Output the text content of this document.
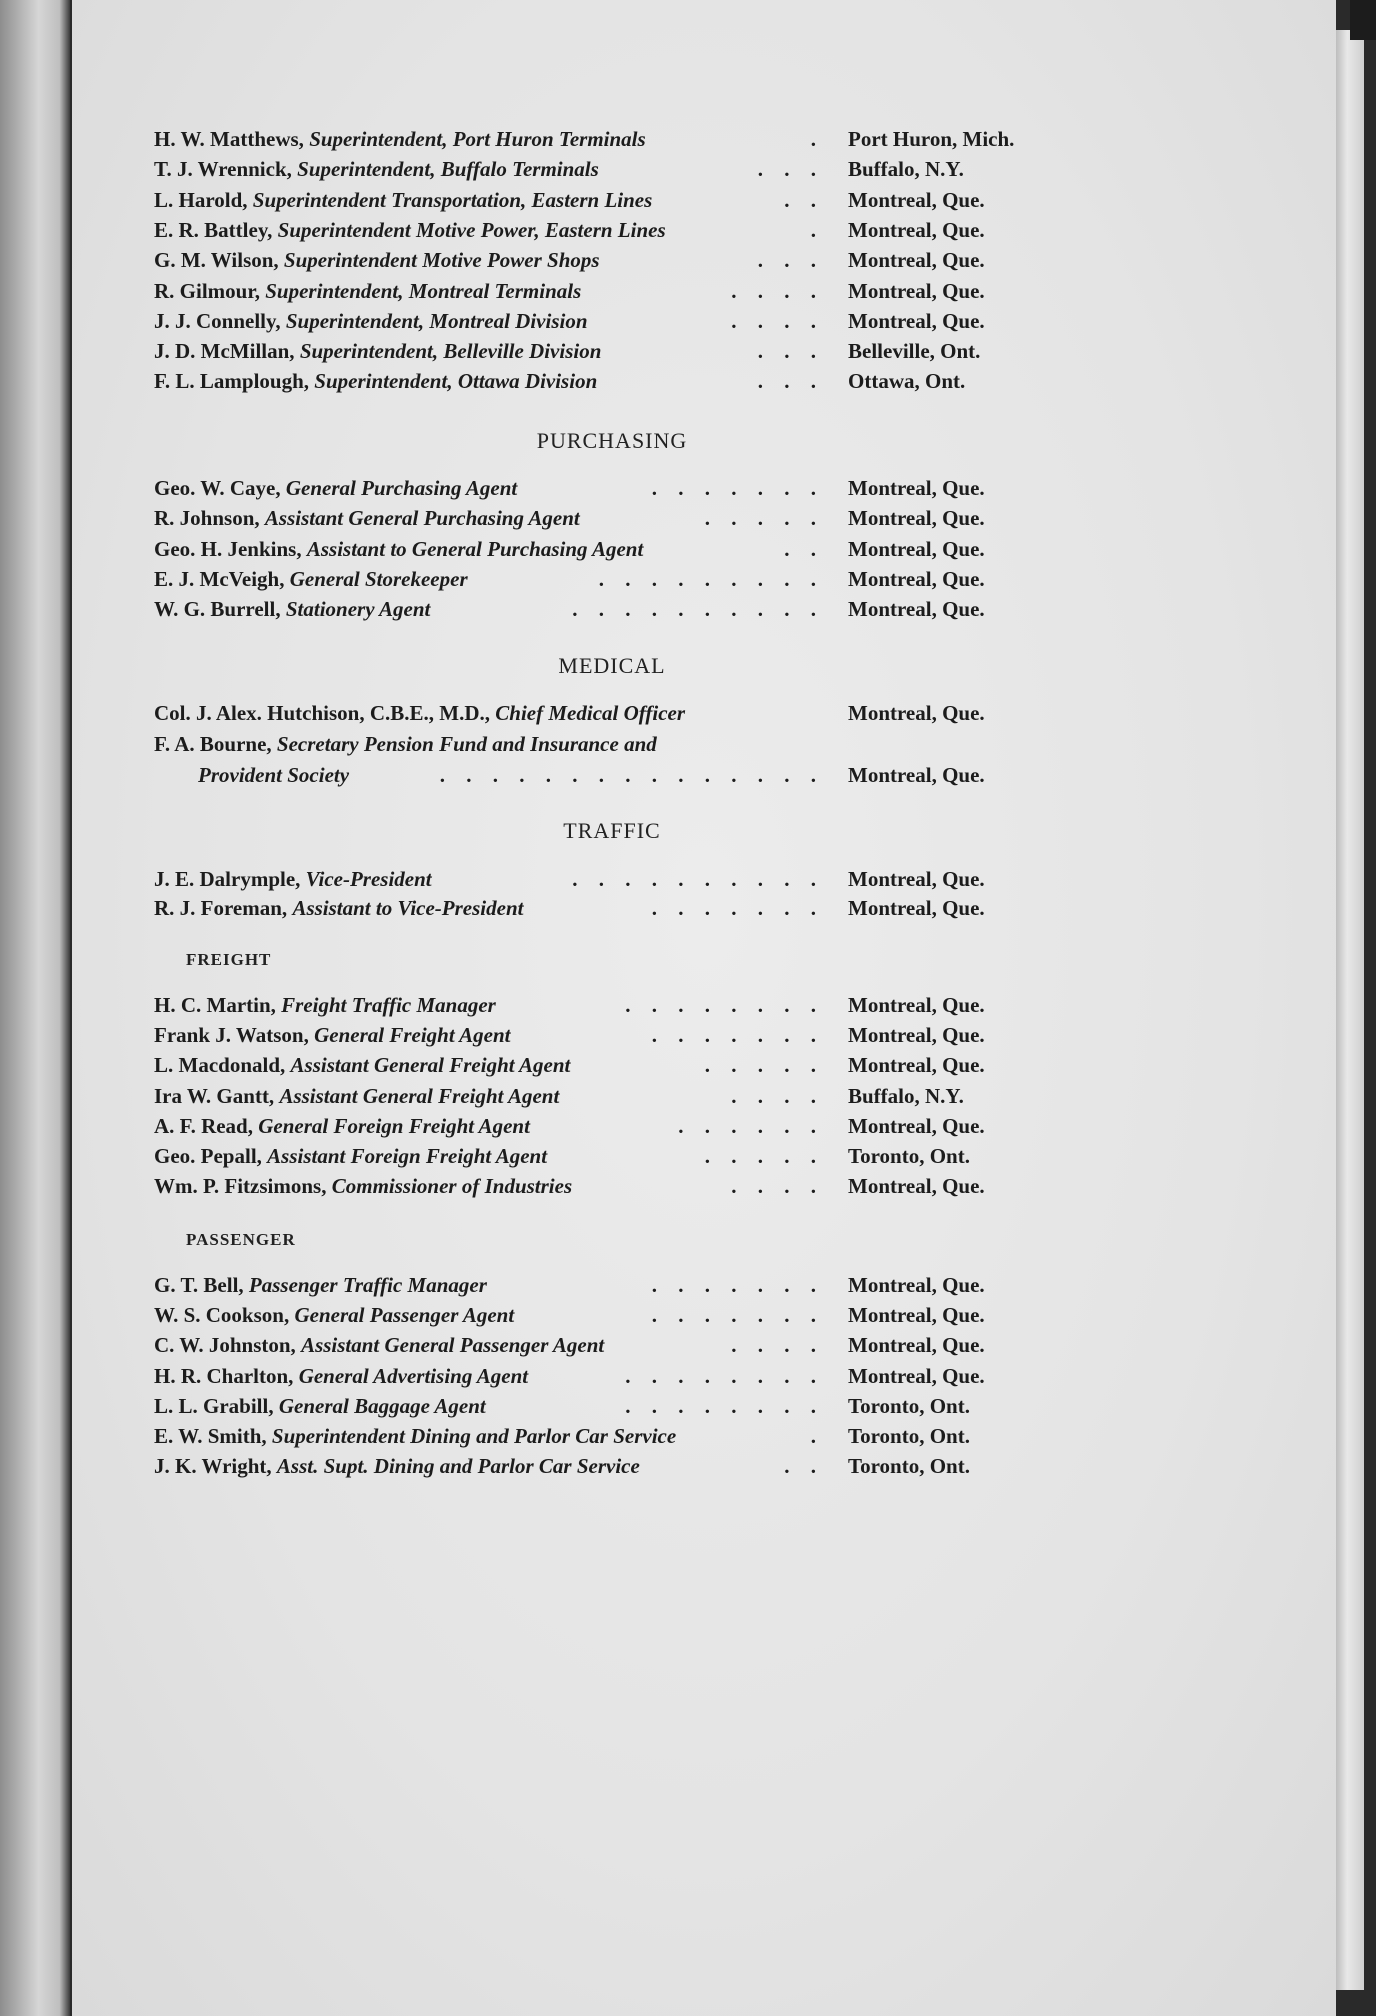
H. W. Matthews, Superintendent, Port Huron Terminals	. Port Huron, Mich.
T. J. Wrennick, Superintendent, Buffalo Terminals	. . . Buffalo, N.Y.
L. Harold, Superintendent Transportation, Eastern Lines	. . Montreal, Que.
E. R. Battley, Superintendent Motive Power, Eastern Lines	. Montreal, Que.
G. M. Wilson, Superintendent Motive Power Shops	. . . Montreal, Que.
R. Gilmour, Superintendent, Montreal Terminals	. . . . Montreal, Que.
J. J. Connelly, Superintendent, Montreal Division	. . . . Montreal, Que.
J. D. McMillan, Superintendent, Belleville Division	. . . Belleville, Ont.
F. L. Lamplough, Superintendent, Ottawa Division	. . . Ottawa, Ont.
PURCHASING
Geo. W. Caye, General Purchasing Agent	. . . . . . . Montreal, Que.
R. Johnson, Assistant General Purchasing Agent	. . . . . Montreal, Que.
Geo. H. Jenkins, Assistant to General Purchasing Agent	. . Montreal, Que.
E. J. McVeigh, General Storekeeper	. . . . . . . . . Montreal, Que.
W. G. Burrell, Stationery Agent	. . . . . . . . . . Montreal, Que.
MEDICAL
Col. J. Alex. Hutchison, C.B.E., M.D., Chief Medical Officer	Montreal, Que.
F. A. Bourne, Secretary Pension Fund and Insurance and
Provident Society	. . . . . . . . . . . . . . . Montreal, Que.
TRAFFIC
J. E. Dalrymple, Vice-President	. . . . . . . . . . Montreal, Que.
R. J. Foreman, Assistant to Vice-President	. . . . . . . Montreal, Que.
FREIGHT
H. C. Martin, Freight Traffic Manager	. . . . . . . . Montreal, Que.
Frank J. Watson, General Freight Agent	. . . . . . . Montreal, Que.
L. Macdonald, Assistant General Freight Agent	. . . . . Montreal, Que.
Ira W. Gantt, Assistant General Freight Agent	. . . . Buffalo, N.Y.
A. F. Read, General Foreign Freight Agent	. . . . . . Montreal, Que.
Geo. Pepall, Assistant Foreign Freight Agent	. . . . . Toronto, Ont.
Wm. P. Fitzsimons, Commissioner of Industries	. . . . Montreal, Que.
PASSENGER
G. T. Bell, Passenger Traffic Manager	. . . . . . . Montreal, Que.
W. S. Cookson, General Passenger Agent	. . . . . . . Montreal, Que.
C. W. Johnston, Assistant General Passenger Agent	. . . . Montreal, Que.
H. R. Charlton, General Advertising Agent	. . . . . . . . Montreal, Que.
L. L. Grabill, General Baggage Agent	. . . . . . . . Toronto, Ont.
E. W. Smith, Superintendent Dining and Parlor Car Service	. Toronto, Ont.
J. K. Wright, Asst. Supt. Dining and Parlor Car Service	. . Toronto, Ont.
